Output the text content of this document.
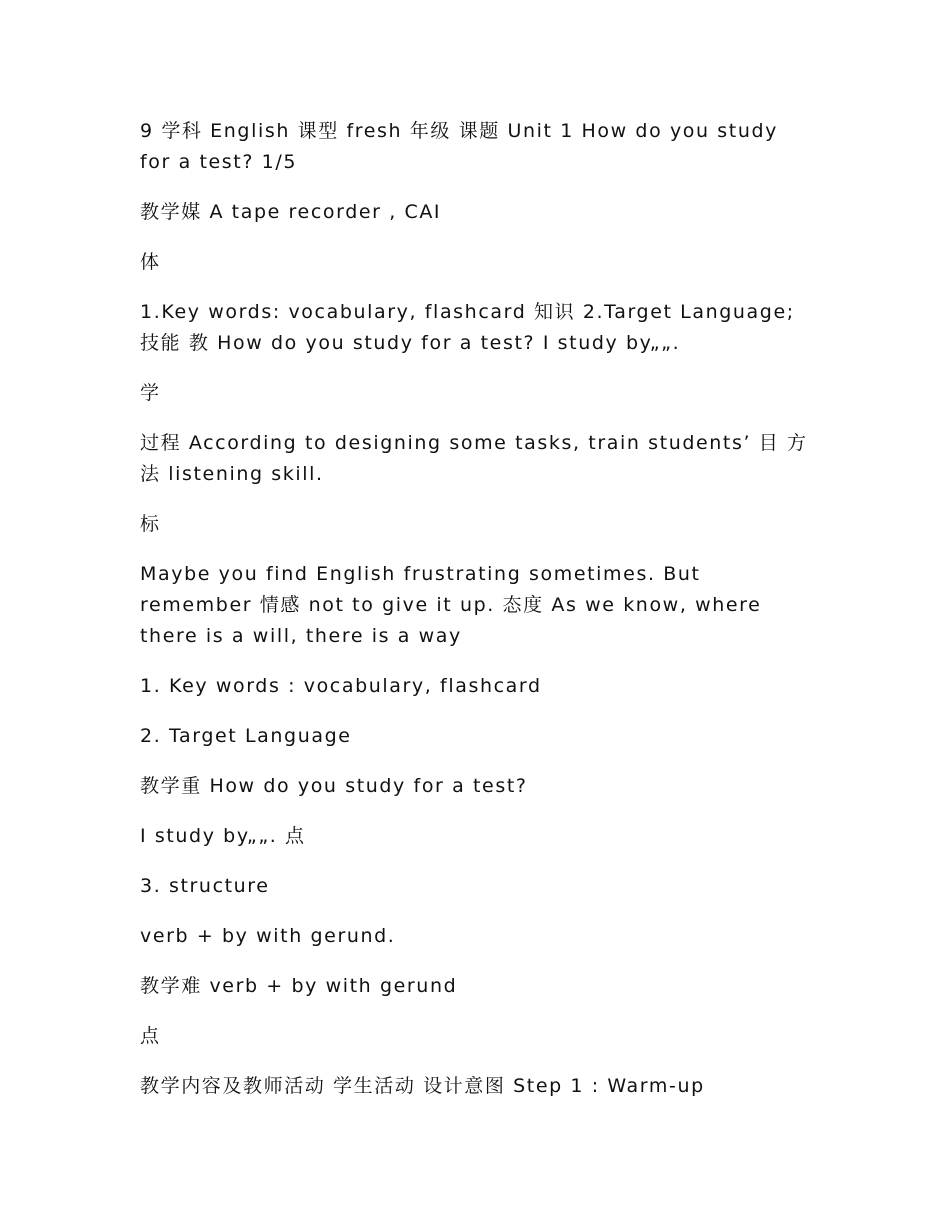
9 学科 English 课型 fresh 年级 课题 Unit 1 How do you study for a test? 1/5

教学媒 A tape recorder , CAI

体

1.Key words: vocabulary, flashcard 知识 2.Target Language; 技能 教 How do you study for a test? I study by„„.

学

过程 According to designing some tasks, train students’ 目 方法 listening skill.

标

Maybe you find English frustrating sometimes. But remember 情感 not to give it up. 态度 As we know, where there is a will, there is a way

1. Key words : vocabulary, flashcard

2. Target Language

教学重 How do you study for a test?

I study by„„. 点

3. structure

verb + by with gerund.

教学难 verb + by with gerund

点

教学内容及教师活动 学生活动 设计意图 Step 1 : Warm-up
